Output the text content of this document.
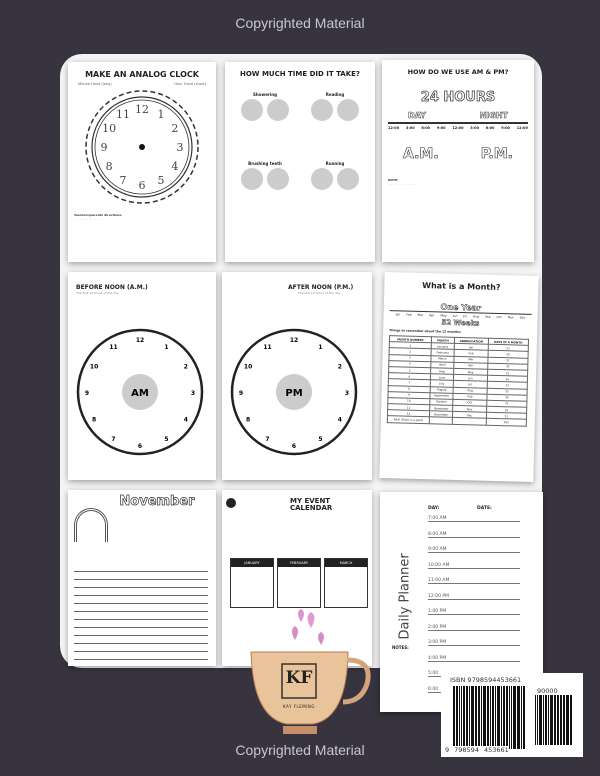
Copyrighted Material
MAKE AN ANALOG CLOCK
Minute Hand (long)	Hour Hand (short)
12 1
2
3
4
5
6
7
8
9
10
11
Teachers/parents directions:
··· ··· ··· ··· ··· ··· ··· ···
HOW MUCH TIME DID IT TAKE?
Showering	Reading
Brushing teeth	Running
HOW DO WE USE AM & PM?
24 HOURS
DAY	NIGHT
12:00 3:00 6:00 9:00 12:00 3:00 6:00 9:00 12:00
A.M.	P.M.
NOTE:
···· ···· ···· ···· ···· ····
BEFORE NOON (A.M.)
The first 12 hours of the day
AM
12
1
2
3
4
5
6
7
8
9
10
11
AFTER NOON (P.M.)
The last 12 hours of the day
PM
12
1
2
3
4
5
6
7
8
9
10
11
What is a Month?
One Year
Jan Feb Mar Apr May Jun Jul Aug Sep Oct Nov Dec
52 Weeks
Things to remember about the 12 months:
MONTH NUMBER	MONTH	ABBREVIATION	DAYS IN A MONTH
1	January	Jan	31
2	February	Feb	28
3	March	Mar	31
4	April	Apr	30
5	May	May	31
6	June	Jun	30
7	July	Jul	31
8	August	Aug	31
9	September	Sep	30
10	October	Oct	31
11	November	Nov	30
12	December	Dec	31
Total (Days in a year)			365
November	MY EVENT
CALENDAR
JANUARY	FEBRUARY	MARCH	Daily Planner
DAY:	DATE:
NOTES:
7:00 AM
8:00 AM
9:00 AM
10:00 AM
11:00 AM
12:00 PM
1:00 PM
2:00 PM
3:00 PM
4:00 PM
5:00
6:00
KF
KAY FLEMING
Copyrighted Material
ISBN 9798594453661
90000
9 798594 453661
